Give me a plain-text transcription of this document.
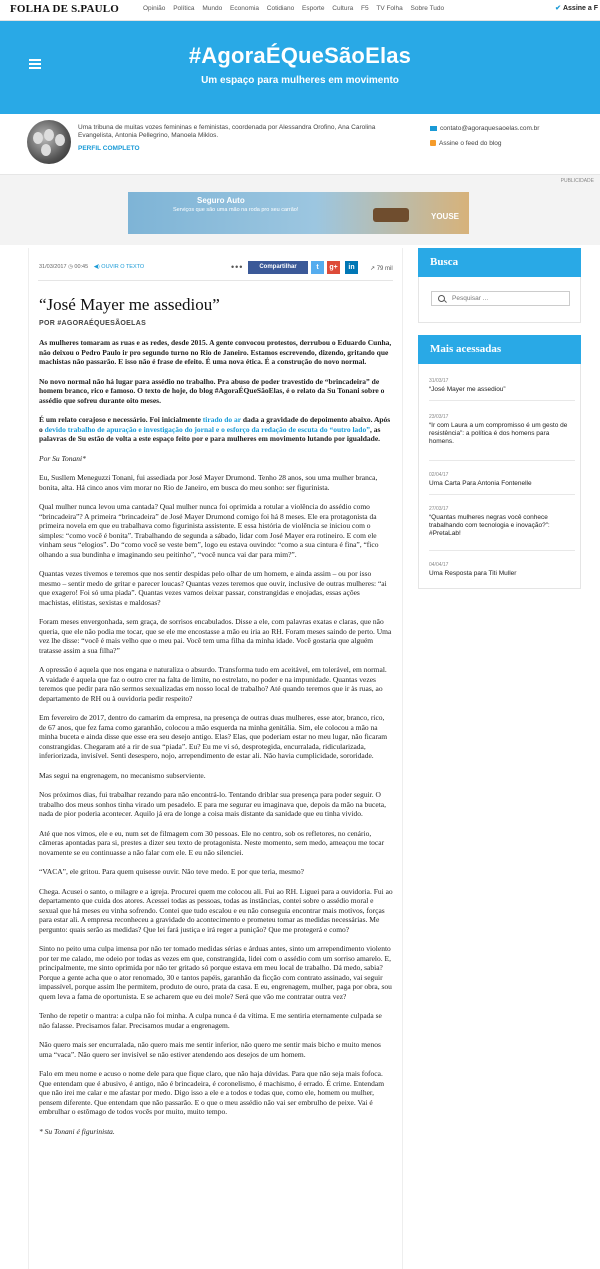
FOLHA DE S.PAULO	Opinião Política Mundo Economia Cotidiano Esporte Cultura F5 TV Folha Sobre Tudo	✔ Assine a F
#AgoraÉQueSãoElas
Um espaço para mulheres em movimento
Uma tribuna de muitas vozes femininas e feministas, coordenada por Alessandra Orofino, Ana Carolina Evangelista, Antonia Pellegrino, Manoela Miklos.
PERFIL COMPLETO
contato@agoraquesaoelas.com.br
Assine o feed do blog
PUBLICIDADE
Seguro Auto
Serviços que são uma mão na roda pro seu carrão!
YOUSE
31/03/2017 ◷ 00:45 ◀) OUVIR O TEXTO	•••	Compartilhar	t	g+	in	↗ 79 mil
“José Mayer me assediou”
POR #AGORAÉQUESÃOELAS

As mulheres tomaram as ruas e as redes, desde 2015. A gente convocou protestos, derrubou o Eduardo Cunha, não deixou o Pedro Paulo ir pro segundo turno no Rio de Janeiro. Estamos escrevendo, dizendo, gritando que machistas não passarão. E isso não é frase de efeito. É uma nova ética. É a construção do novo normal.

No novo normal não há lugar para assédio no trabalho. Pra abuso de poder travestido de “brincadeira” de homem branco, rico e famoso. O texto de hoje, do blog #AgoraÉQueSãoElas, é o relato da Su Tonani sobre o assédio que sofreu durante oito meses.

É um relato corajoso e necessário. Foi inicialmente tirado do ar dada a gravidade do depoimento abaixo. Após o devido trabalho de apuração e investigação do jornal e o esforço da redação de escuta do “outro lado”, as palavras de Su estão de volta a este espaço feito por e para mulheres em movimento lutando por igualdade.

Por Su Tonani*

Eu, Susllem Meneguzzi Tonani, fui assediada por José Mayer Drumond. Tenho 28 anos, sou uma mulher branca, bonita, alta. Há cinco anos vim morar no Rio de Janeiro, em busca do meu sonho: ser figurinista.

Qual mulher nunca levou uma cantada? Qual mulher nunca foi oprimida a rotular a violência do assédio como “brincadeira”? A primeira “brincadeira” de José Mayer Drumond comigo foi há 8 meses. Ele era protagonista da primeira novela em que eu trabalhava como figurinista assistente. E essa história de violência se iniciou com o simples: “como você é bonita”. Trabalhando de segunda a sábado, lidar com José Mayer era rotineiro. E com ele vinham seus “elogios”. Do “como você se veste bem”, logo eu estava ouvindo: “como a sua cintura é fina”, “fico olhando a sua bundinha e imaginando seu peitinho”, “você nunca vai dar para mim?”.

Quantas vezes tivemos e teremos que nos sentir despidas pelo olhar de um homem, e ainda assim – ou por isso mesmo – sentir medo de gritar e parecer loucas? Quantas vezes teremos que ouvir, inclusive de outras mulheres: “ai que exagero! Foi só uma piada”. Quantas vezes vamos deixar passar, constrangidas e enojadas, essas ações machistas, elitistas, sexistas e maldosas?

Foram meses envergonhada, sem graça, de sorrisos encabulados. Disse a ele, com palavras exatas e claras, que não queria, que ele não podia me tocar, que se ele me encostasse a mão eu iria ao RH. Foram meses saindo de perto. Uma vez lhe disse: “você é mais velho que o meu pai. Você tem uma filha da minha idade. Você gostaria que alguém tratasse assim a sua filha?”

A opressão é aquela que nos engana e naturaliza o absurdo. Transforma tudo em aceitável, em tolerável, em normal. A vaidade é aquela que faz o outro crer na falta de limite, no estrelato, no poder e na impunidade. Quantas vezes teremos que pedir para não sermos sexualizadas em nosso local de trabalho? Até quando teremos que ir às ruas, ao departamento de RH ou à ouvidoria pedir respeito?

Em fevereiro de 2017, dentro do camarim da empresa, na presença de outras duas mulheres, esse ator, branco, rico, de 67 anos, que fez fama como garanhão, colocou a mão esquerda na minha genitália. Sim, ele colocou a mão na minha buceta e ainda disse que esse era seu desejo antigo. Elas? Elas, que poderiam estar no meu lugar, não ficaram constrangidas. Chegaram até a rir de sua “piada”. Eu? Eu me vi só, desprotegida, encurralada, ridicularizada, inferiorizada, invisível. Senti desespero, nojo, arrependimento de estar ali. Não havia cumplicidade, sororidade.

Mas segui na engrenagem, no mecanismo subserviente.

Nos próximos dias, fui trabalhar rezando para não encontrá-lo. Tentando driblar sua presença para poder seguir. O trabalho dos meus sonhos tinha virado um pesadelo. E para me segurar eu imaginava que, depois da mão na buceta, nada de pior poderia acontecer. Aquilo já era de longe a coisa mais distante da sanidade que eu tinha vivido.

Até que nos vimos, ele e eu, num set de filmagem com 30 pessoas. Ele no centro, sob os refletores, no cenário, câmeras apontadas para si, prestes a dizer seu texto de protagonista. Neste momento, sem medo, ameaçou me tocar novamente se eu continuasse a não falar com ele. E eu não silenciei.

“VACA”, ele gritou. Para quem quisesse ouvir. Não teve medo. E por que teria, mesmo?

Chega. Acusei o santo, o milagre e a igreja. Procurei quem me colocou ali. Fui ao RH. Liguei para a ouvidoria. Fui ao departamento que cuida dos atores. Acessei todas as pessoas, todas as instâncias, contei sobre o assédio moral e sexual que há meses eu vinha sofrendo. Contei que tudo escalou e eu não conseguia encontrar mais motivos, forças para estar ali. A empresa reconheceu a gravidade do acontecimento e prometeu tomar as medidas necessárias. Me pergunto: quais serão as medidas? Que lei fará justiça e irá reger a punição? Que me protegerá e como?

Sinto no peito uma culpa imensa por não ter tomado medidas sérias e árduas antes, sinto um arrependimento violento por ter me calado, me odeio por todas as vezes em que, constrangida, lidei com o assédio com um sorriso amarelo. E, principalmente, me sinto oprimida por não ter gritado só porque estava em meu local de trabalho. Dá medo, sabia? Porque a gente acha que o ator renomado, 30 e tantos papéis, garanhão da ficção com contrato assinado, vai seguir impassível, porque assim lhe permitem, produto de ouro, prata da casa. E eu, engrenagem, mulher, paga por obra, sou quem leva a fama de oportunista. E se acharem que eu dei mole? Será que vão me contratar outra vez?

Tenho de repetir o mantra: a culpa não foi minha. A culpa nunca é da vítima. E me sentiria eternamente culpada se não falasse. Precisamos falar. Precisamos mudar a engrenagem.

Não quero mais ser encurralada, não quero mais me sentir inferior, não quero me sentir mais bicho e muito menos uma “vaca”. Não quero ser invisível se não estiver atendendo aos desejos de um homem.

Falo em meu nome e acuso o nome dele para que fique claro, que não haja dúvidas. Para que não seja mais fofoca. Que entendam que é abusivo, é antigo, não é brincadeira, é coronelismo, é machismo, é errado. É crime. Entendam que não irei me calar e me afastar por medo. Digo isso a ele e a todos e todas que, como ele, homem ou mulher, pensem diferente. Que entendam que não passarão. E o que o meu assédio não vai ser embrulho de peixe. Vai é embrulhar o estômago de todos vocês por muito, muito tempo.

* Su Tonani é figurinista.

Busca
Pesquisar ...
Mais acessadas
31/03/17
“José Mayer me assediou”
23/03/17
“Ir com Laura a um compromisso é um gesto de resistência”: a política é dos homens para homens.
02/04/17
Uma Carta Para Antonia Fontenelle
27/03/17
“Quantas mulheres negras você conhece trabalhando com tecnologia e inovação?”: #PretaLab!
04/04/17
Uma Resposta para Titi Muller
